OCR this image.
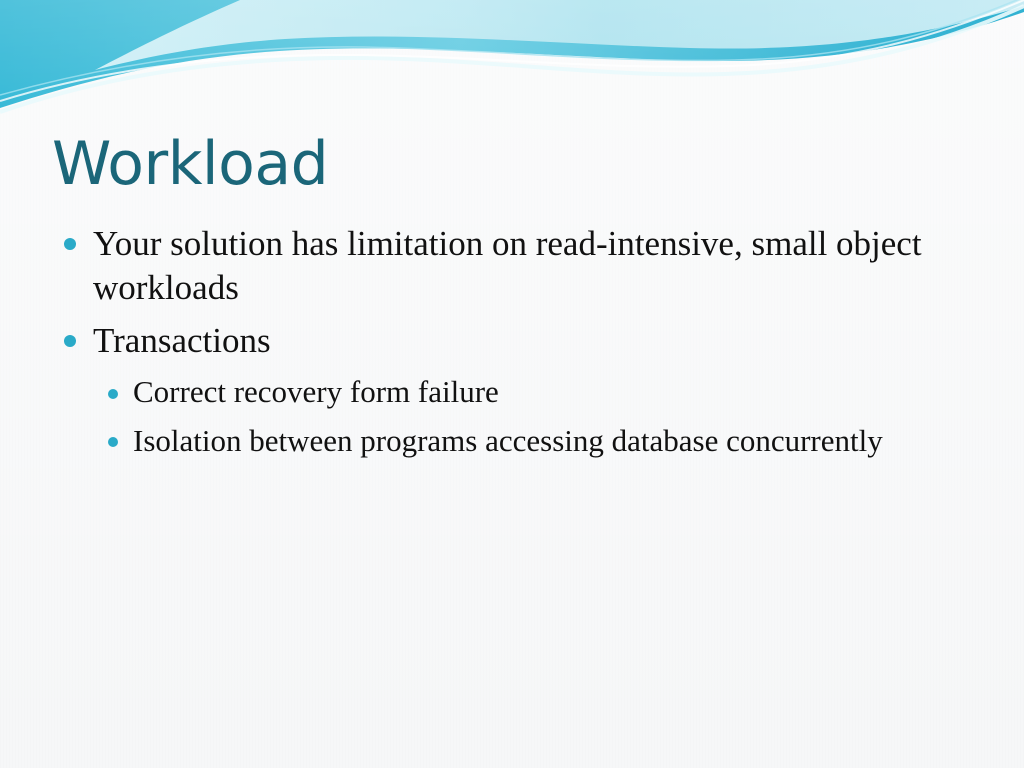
Workload

Your solution has limitation on read-intensive, small object workloads

Transactions

Correct recovery form failure

Isolation between programs accessing database concurrently
